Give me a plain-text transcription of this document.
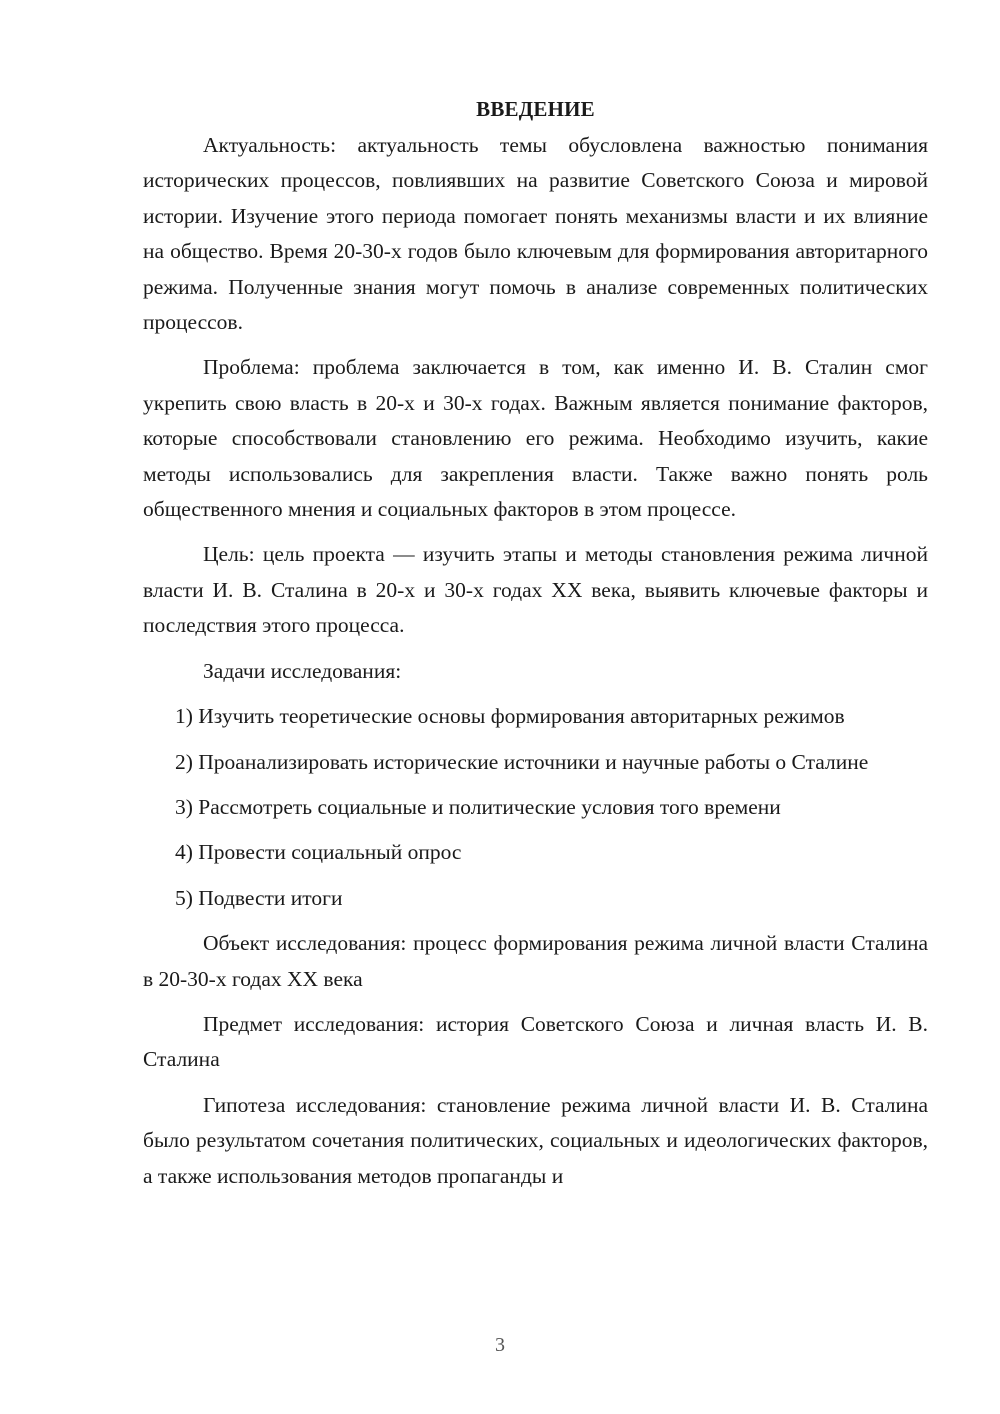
ВВЕДЕНИЕ

Актуальность: актуальность темы обусловлена важностью понимания исторических процессов, повлиявших на развитие Советского Союза и мировой истории. Изучение этого периода помогает понять механизмы власти и их влияние на общество. Время 20-30-х годов было ключевым для формирования авторитарного режима. Полученные знания могут помочь в анализе современных политических процессов.

Проблема: проблема заключается в том, как именно И. В. Сталин смог укрепить свою власть в 20-х и 30-х годах. Важным является понимание факторов, которые способствовали становлению его режима. Необходимо изучить, какие методы использовались для закрепления власти. Также важно понять роль общественного мнения и социальных факторов в этом процессе.

Цель: цель проекта — изучить этапы и методы становления режима личной власти И. В. Сталина в 20-х и 30-х годах XX века, выявить ключевые факторы и последствия этого процесса.

Задачи исследования:

1) Изучить теоретические основы формирования авторитарных режимов

2) Проанализировать исторические источники и научные работы о Сталине

3) Рассмотреть социальные и политические условия того времени

4) Провести социальный опрос

5) Подвести итоги

Объект исследования: процесс формирования режима личной власти Сталина в 20-30-х годах XX века

Предмет исследования: история Советского Союза и личная власть И. В. Сталина

Гипотеза исследования: становление режима личной власти И. В. Сталина было результатом сочетания политических, социальных и идеологических факторов, а также использования методов пропаганды и

3
